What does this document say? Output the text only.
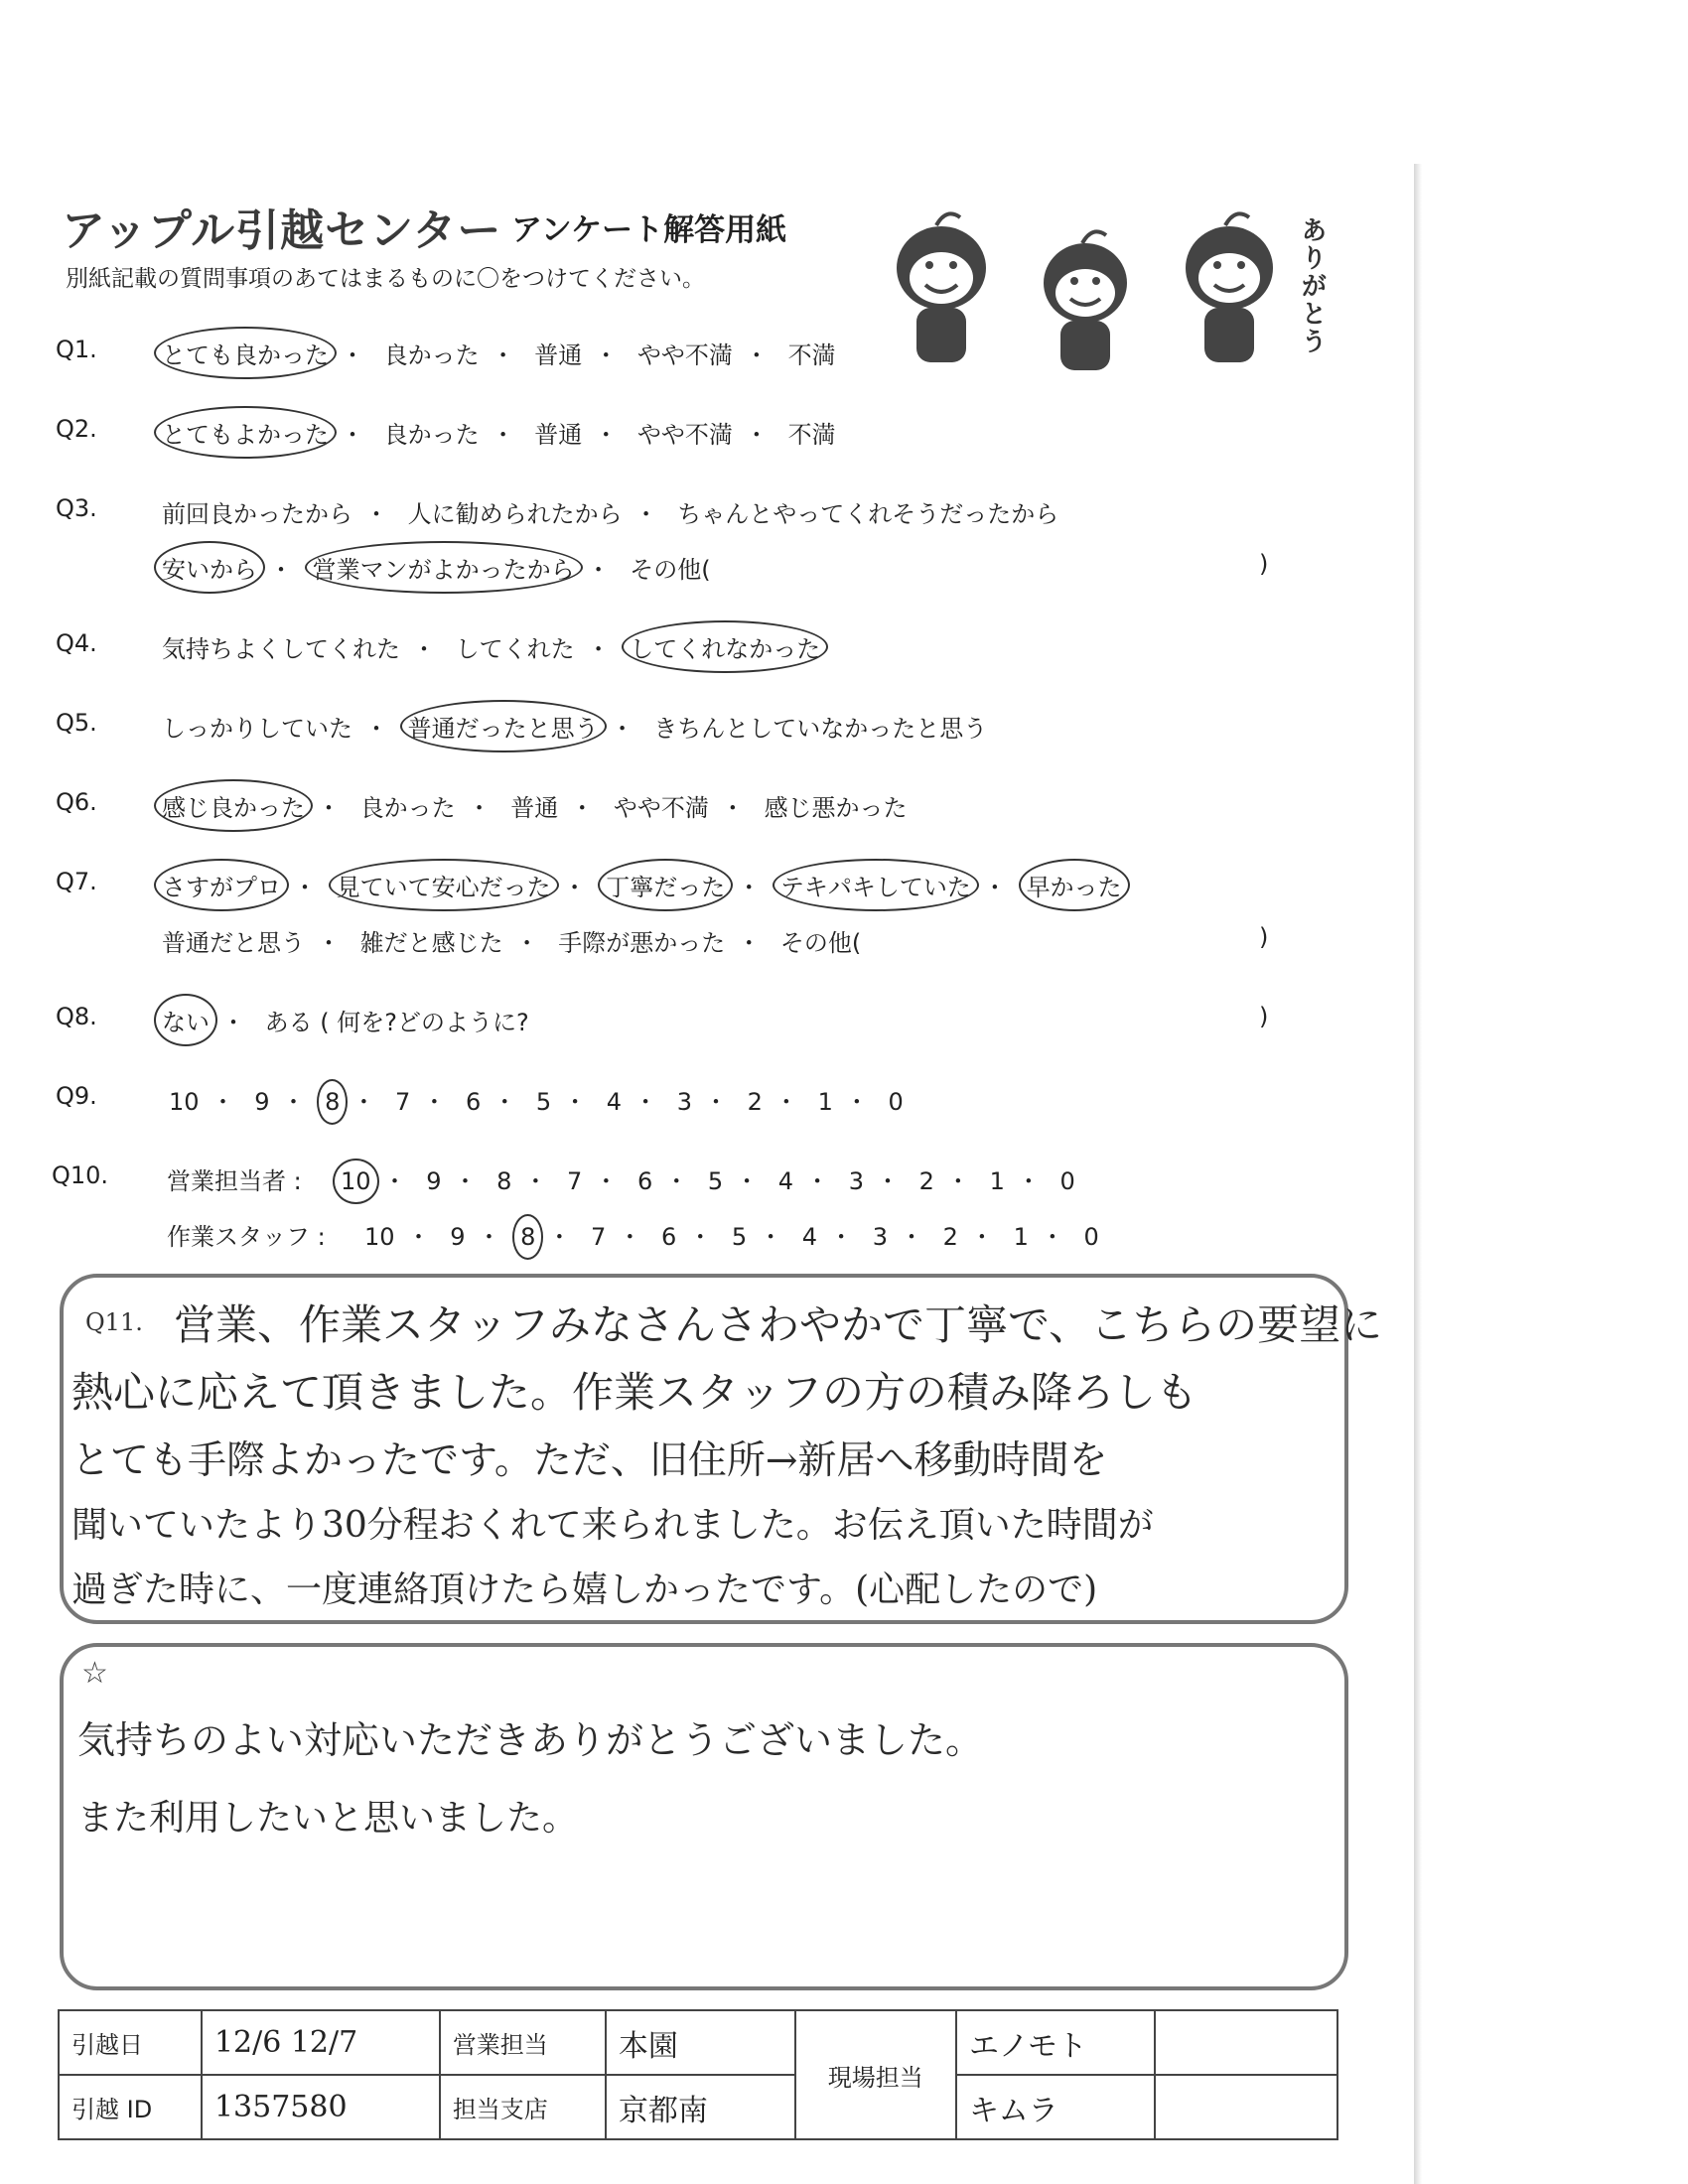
アップル引越センター アンケート解答用紙
別紙記載の質問事項のあてはまるものに〇をつけてください。	ありがとう
Q1.	とても良かった ・ 良かった ・ 普通 ・ やや不満 ・ 不満
Q2.	とてもよかった ・ 良かった ・ 普通 ・ やや不満 ・ 不満
Q3.	前回良かったから ・ 人に勧められたから ・ ちゃんとやってくれそうだったから
安いから ・ 営業マンがよかったから ・ その他(	)
Q4.	気持ちよくしてくれた ・ してくれた ・ してくれなかった
Q5.	しっかりしていた ・ 普通だったと思う ・ きちんとしていなかったと思う
Q6.	感じ良かった ・ 良かった ・ 普通 ・ やや不満 ・ 感じ悪かった
Q7.	さすがプロ ・ 見ていて安心だった ・ 丁寧だった ・ テキパキしていた ・ 早かった
普通だと思う ・ 雑だと感じた ・ 手際が悪かった ・ その他(	)
Q8.	ない ・ ある ( 何を?どのように?	)
Q9.	10 ・ 9 ・ 8 ・ 7 ・ 6 ・ 5 ・ 4 ・ 3 ・ 2 ・ 1 ・ 0
Q10. 営業担当者 : 10 ・ 9 ・ 8 ・ 7 ・ 6 ・ 5 ・ 4 ・ 3 ・ 2 ・ 1 ・ 0
作業スタッフ : 10 ・ 9 ・ 8 ・ 7 ・ 6 ・ 5 ・ 4 ・ 3 ・ 2 ・ 1 ・ 0
Q11. 営業、作業スタッフみなさんさわやかで丁寧で、こちらの要望に
熱心に応えて頂きました。作業スタッフの方の積み降ろしも
とても手際よかったです。ただ、旧住所→新居へ移動時間を
聞いていたより30分程おくれて来られました。お伝え頂いた時間が
過ぎた時に、一度連絡頂けたら嬉しかったです。(心配したので)
☆
気持ちのよい対応いただきありがとうございました。
また利用したいと思いました。
引越日	12/6 12/7	営業担当	本園	現場担当	エノモト	
引越 ID	1357580	担当支店	京都南		キムラ	
